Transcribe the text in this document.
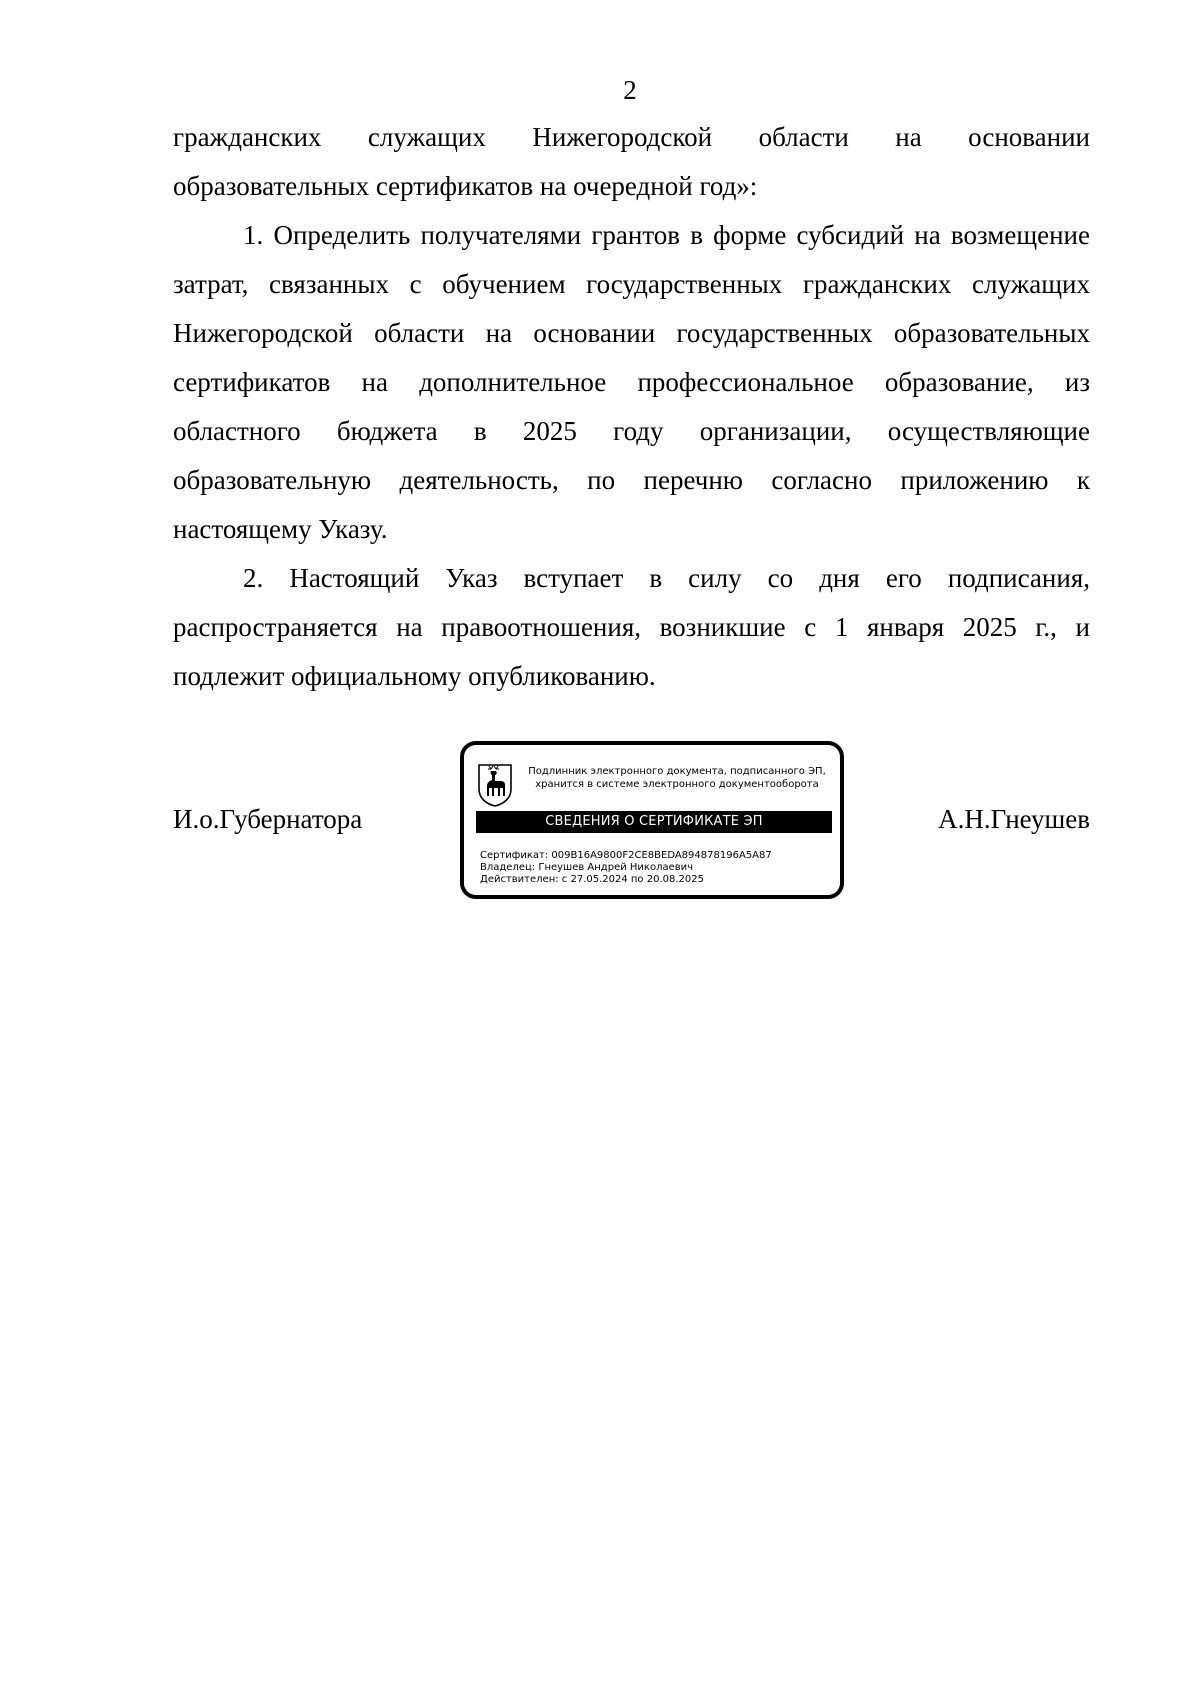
2

гражданских служащих Нижегородской области на основании образовательных сертификатов на очередной год»:

1. Определить получателями грантов в форме субсидий на возмещение затрат, связанных с обучением государственных гражданских служащих Нижегородской области на основании государственных образовательных сертификатов на дополнительное профессиональное образование, из областного бюджета в 2025 году организации, осуществляющие образовательную деятельность, по перечню согласно приложению к настоящему Указу.

2. Настоящий Указ вступает в силу со дня его подписания, распространяется на правоотношения, возникшие с 1 января 2025 г., и подлежит официальному опубликованию.

И.о.Губернатора	А.Н.Гнеушев
Подлинник электронного документа, подписанного ЭП,
хранится в системе электронного документооборота
СВЕДЕНИЯ О СЕРТИФИКАТЕ ЭП
Сертификат: 009B16A9800F2CE8BEDA894878196A5A87
Владелец: Гнеушев Андрей Николаевич
Действителен: с 27.05.2024 по 20.08.2025
